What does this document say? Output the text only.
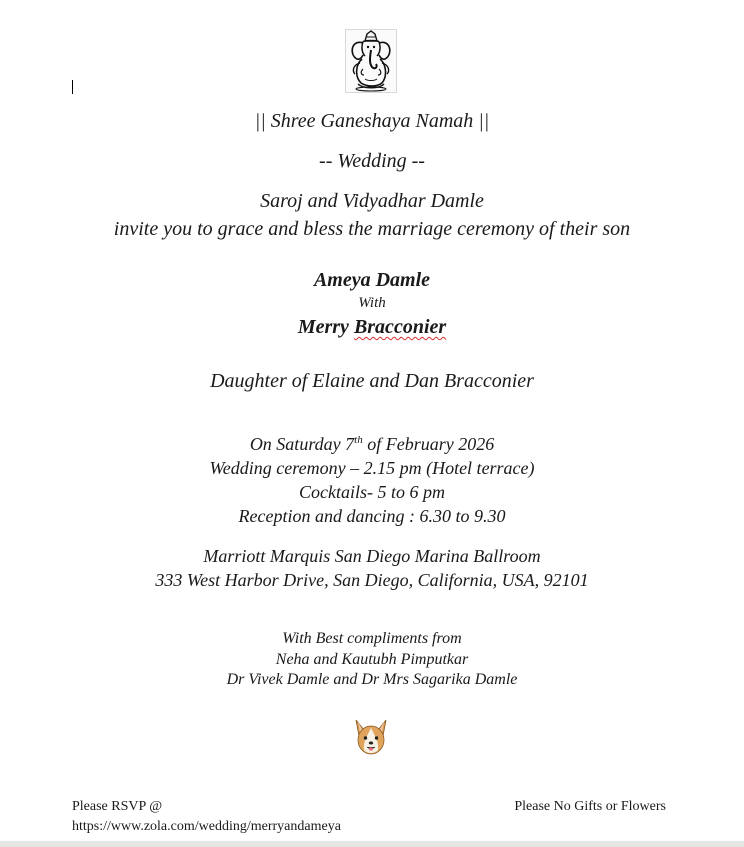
|| Shree Ganeshaya Namah ||
-- Wedding --
Saroj and Vidyadhar Damle
invite you to grace and bless the marriage ceremony of their son
Ameya Damle
With
Merry Bracconier
Daughter of Elaine and Dan Bracconier
On Saturday 7th of February 2026
Wedding ceremony – 2.15 pm (Hotel terrace)
Cocktails- 5 to 6 pm
Reception and dancing : 6.30 to 9.30
Marriott Marquis San Diego Marina Ballroom
333 West Harbor Drive, San Diego, California, USA, 92101
With Best compliments from
Neha and Kautubh Pimputkar
Dr Vivek Damle and Dr Mrs Sagarika Damle
Please RSVP @
https://www.zola.com/wedding/merryandameya
Please No Gifts or Flowers
